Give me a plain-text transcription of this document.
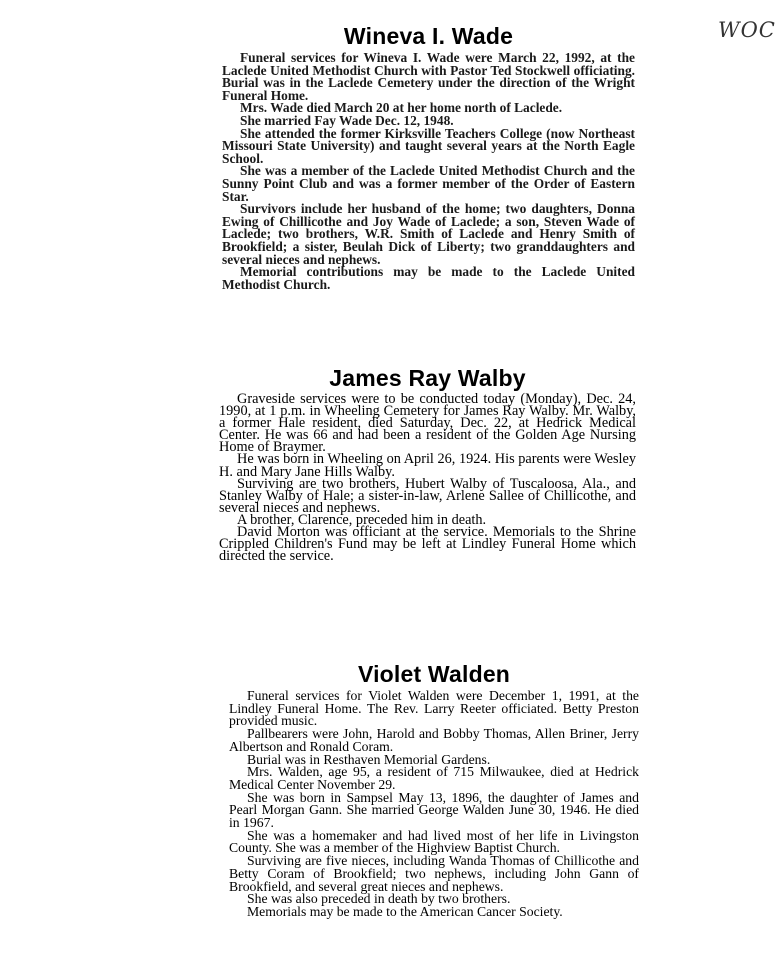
WOC
Wineva I. Wade

Funeral services for Wineva I. Wade were March 22, 1992, at the Laclede United Methodist Church with Pastor Ted Stockwell officiating. Burial was in the Laclede Cemetery under the direction of the Wright Funeral Home.

Mrs. Wade died March 20 at her home north of Laclede.

She married Fay Wade Dec. 12, 1948.

She attended the former Kirksville Teachers College (now Northeast Missouri State University) and taught several years at the North Eagle School.

She was a member of the Laclede United Methodist Church and the Sunny Point Club and was a former member of the Order of Eastern Star.

Survivors include her husband of the home; two daughters, Donna Ewing of Chillicothe and Joy Wade of Laclede; a son, Steven Wade of Laclede; two brothers, W.R. Smith of Laclede and Henry Smith of Brookfield; a sister, Beulah Dick of Liberty; two granddaughters and several nieces and nephews.

Memorial contributions may be made to the Laclede United Methodist Church.

James Ray Walby

Graveside services were to be conducted today (Monday), Dec. 24, 1990, at 1 p.m. in Wheeling Cemetery for James Ray Walby. Mr. Walby, a former Hale resident, died Saturday, Dec. 22, at Hedrick Medical Center. He was 66 and had been a resident of the Golden Age Nursing Home of Braymer.

He was born in Wheeling on April 26, 1924. His parents were Wesley H. and Mary Jane Hills Walby.

Surviving are two brothers, Hubert Walby of Tuscaloosa, Ala., and Stanley Walby of Hale; a sister-in-law, Arlene Sallee of Chillicothe, and several nieces and nephews.

A brother, Clarence, preceded him in death.

David Morton was officiant at the service. Memorials to the Shrine Crippled Children's Fund may be left at Lindley Funeral Home which directed the service.

Violet Walden

Funeral services for Violet Walden were December 1, 1991, at the Lindley Funeral Home. The Rev. Larry Reeter officiated. Betty Preston provided music.

Pallbearers were John, Harold and Bobby Thomas, Allen Briner, Jerry Albertson and Ronald Coram.

Burial was in Resthaven Memorial Gardens.

Mrs. Walden, age 95, a resident of 715 Milwaukee, died at Hedrick Medical Center November 29.

She was born in Sampsel May 13, 1896, the daughter of James and Pearl Morgan Gann. She married George Walden June 30, 1946. He died in 1967.

She was a homemaker and had lived most of her life in Livingston County. She was a member of the Highview Baptist Church.

Surviving are five nieces, including Wanda Thomas of Chillicothe and Betty Coram of Brookfield; two nephews, including John Gann of Brookfield, and several great nieces and nephews.

She was also preceded in death by two brothers.

Memorials may be made to the American Cancer Society.
